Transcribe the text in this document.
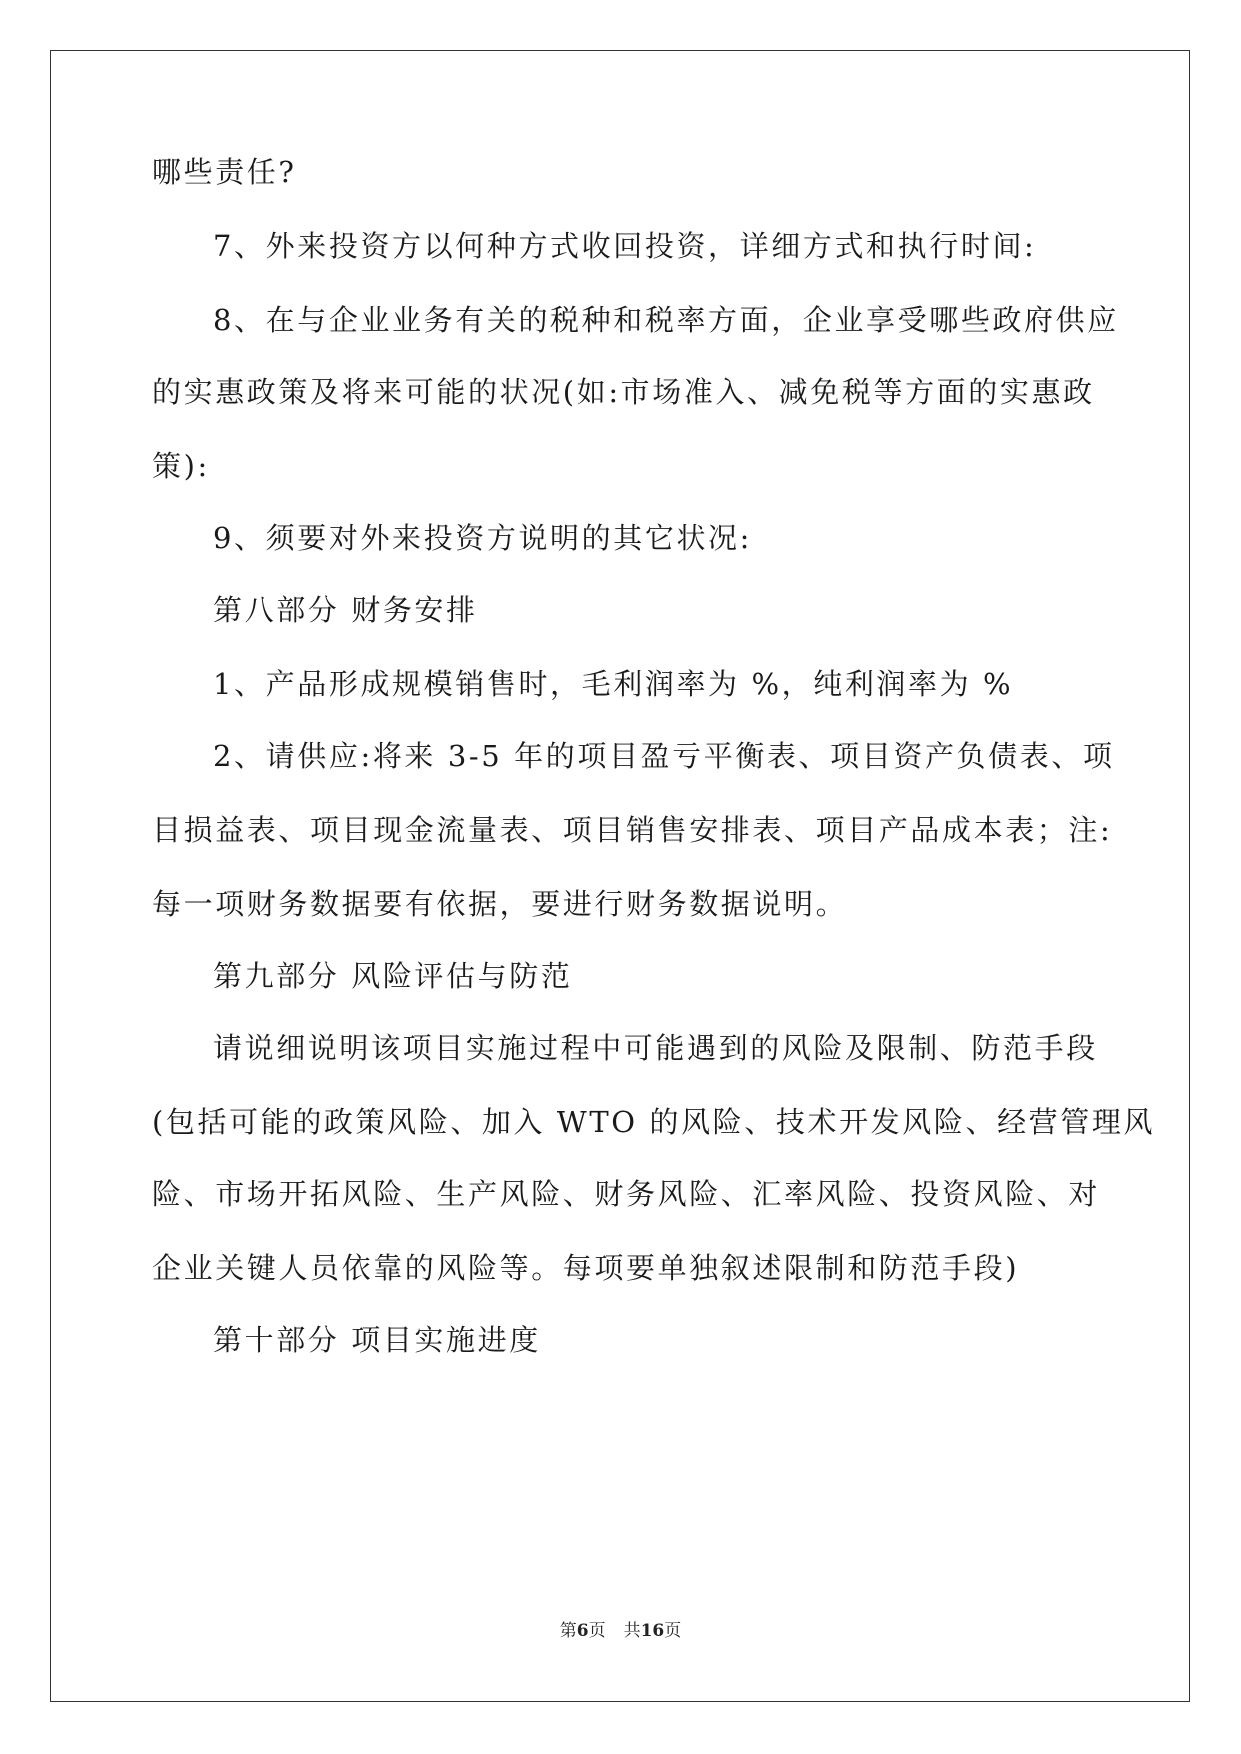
哪些责任?

7、外来投资方以何种方式收回投资，详细方式和执行时间:

8、在与企业业务有关的税种和税率方面，企业享受哪些政府供应

的实惠政策及将来可能的状况(如:市场准入、减免税等方面的实惠政

策):

9、须要对外来投资方说明的其它状况:

第八部分 财务安排

1、产品形成规模销售时，毛利润率为 %，纯利润率为 %

2、请供应:将来 3-5 年的项目盈亏平衡表、项目资产负债表、项

目损益表、项目现金流量表、项目销售安排表、项目产品成本表；注:

每一项财务数据要有依据，要进行财务数据说明。

第九部分 风险评估与防范

请说细说明该项目实施过程中可能遇到的风险及限制、防范手段

(包括可能的政策风险、加入 WTO 的风险、技术开发风险、经营管理风

险、市场开拓风险、生产风险、财务风险、汇率风险、投资风险、对

企业关键人员依靠的风险等。每项要单独叙述限制和防范手段)

第十部分 项目实施进度

第6页 共16页
